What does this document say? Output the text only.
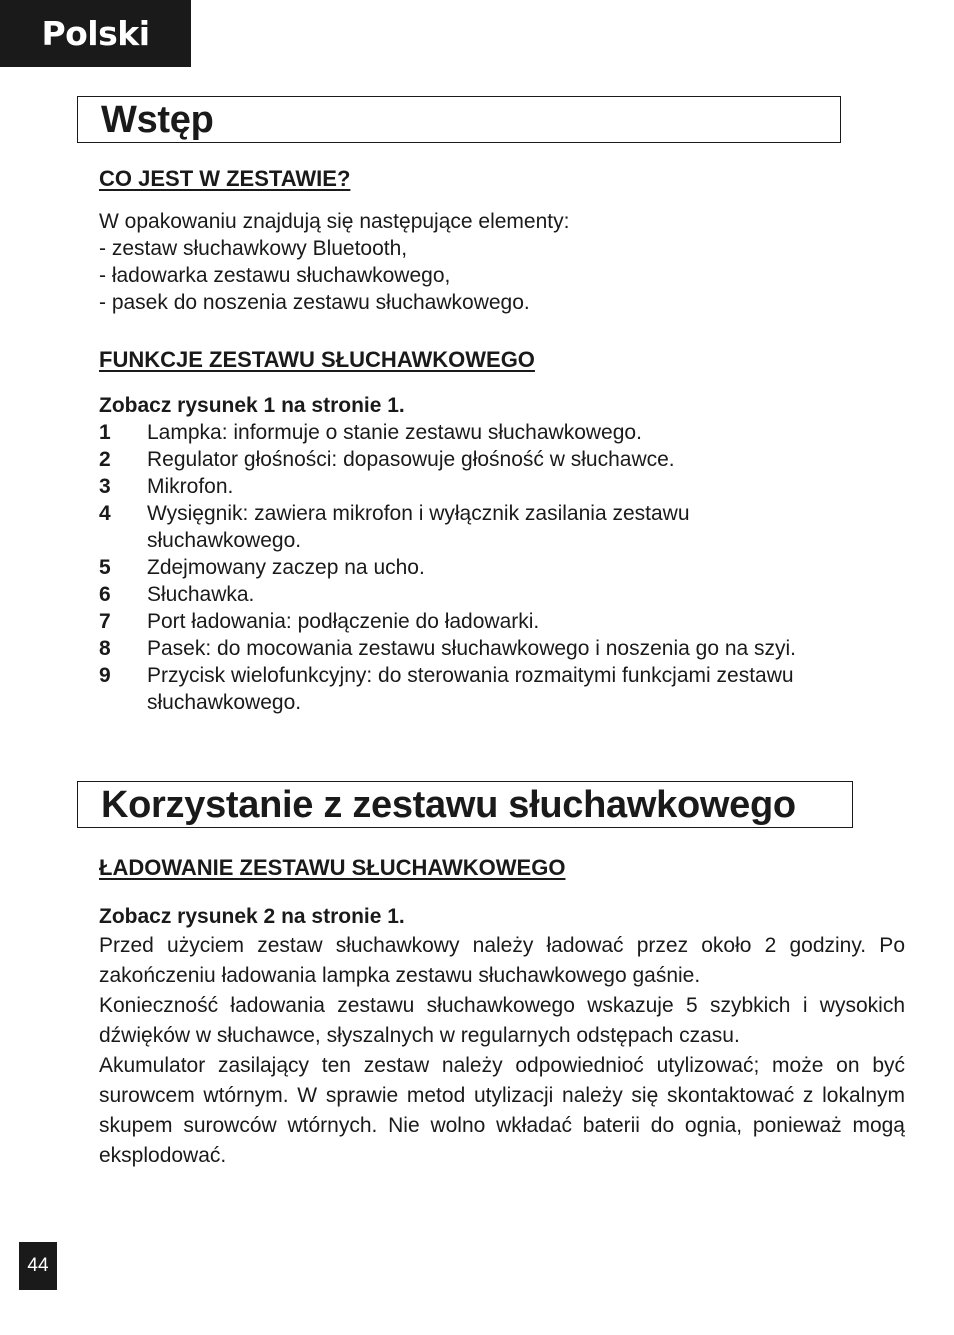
Polski
Wstęp
CO JEST W ZESTAWIE?
W opakowaniu znajdują się następujące elementy:
- zestaw słuchawkowy Bluetooth,
- ładowarka zestawu słuchawkowego,
- pasek do noszenia zestawu słuchawkowego.
FUNKCJE ZESTAWU SŁUCHAWKOWEGO
Zobacz rysunek 1 na stronie 1.
1	Lampka: informuje o stanie zestawu słuchawkowego.
2	Regulator głośności: dopasowuje głośność w słuchawce.
3	Mikrofon.
4	Wysięgnik: zawiera mikrofon i wyłącznik zasilania zestawu słuchawkowego.
5	Zdejmowany zaczep na ucho.
6	Słuchawka.
7	Port ładowania: podłączenie do ładowarki.
8	Pasek: do mocowania zestawu słuchawkowego i noszenia go na szyi.
9	Przycisk wielofunkcyjny: do sterowania rozmaitymi funkcjami zestawu słuchawkowego.
Korzystanie z zestawu słuchawkowego
ŁADOWANIE ZESTAWU SŁUCHAWKOWEGO
Zobacz rysunek 2 na stronie 1.
Przed użyciem zestaw słuchawkowy należy ładować przez około 2 godziny. Po zakończeniu ładowania lampka zestawu słuchawkowego gaśnie.
Konieczność ładowania zestawu słuchawkowego wskazuje 5 szybkich i wysokich dźwięków w słuchawce, słyszalnych w regularnych odstępach czasu.
Akumulator zasilający ten zestaw należy odpowiednioć utylizować; może on być surowcem wtórnym. W sprawie metod utylizacji należy się skontaktować z lokalnym skupem surowców wtórnych. Nie wolno wkładać baterii do ognia, ponieważ mogą eksplodować.
44
